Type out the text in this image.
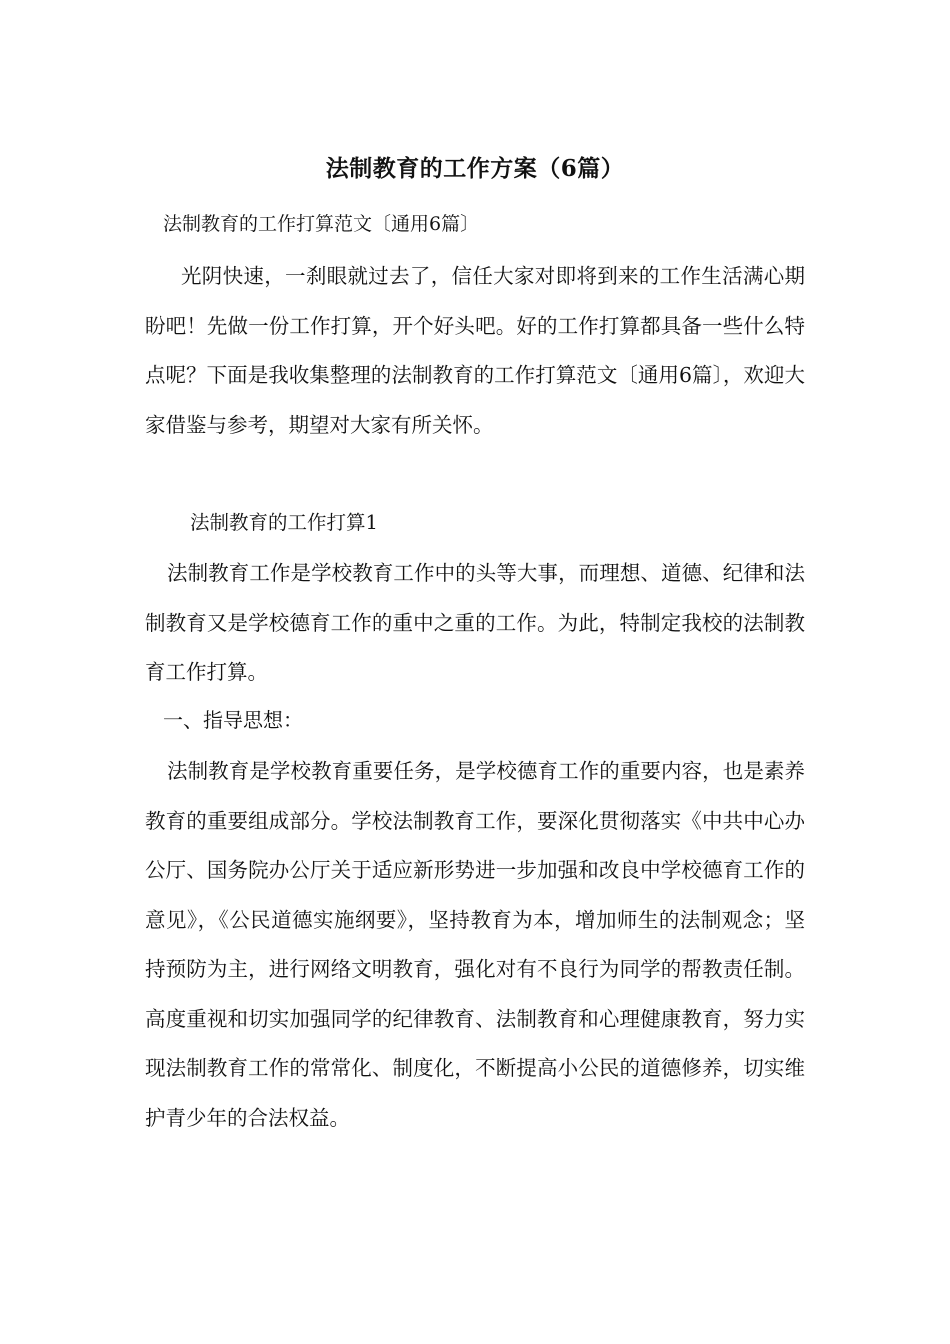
法制教育的工作方案（6篇）
法制教育的工作打算范文〔通用6篇〕
光阴快速，一刹眼就过去了，信任大家对即将到来的工作生活满心期盼吧！先做一份工作打算，开个好头吧。好的工作打算都具备一些什么特点呢？下面是我收集整理的法制教育的工作打算范文〔通用6篇〕，欢迎大家借鉴与参考，期望对大家有所关怀。
法制教育的工作打算1
法制教育工作是学校教育工作中的头等大事，而理想、道德、纪律和法制教育又是学校德育工作的重中之重的工作。为此，特制定我校的法制教育工作打算。
一、指导思想：
法制教育是学校教育重要任务，是学校德育工作的重要内容，也是素养教育的重要组成部分。学校法制教育工作，要深化贯彻落实《中共中心办公厅、国务院办公厅关于适应新形势进一步加强和改良中学校德育工作的意见》，《公民道德实施纲要》，坚持教育为本，增加师生的法制观念；坚持预防为主，进行网络文明教育，强化对有不良行为同学的帮教责任制。高度重视和切实加强同学的纪律教育、法制教育和心理健康教育，努力实现法制教育工作的常常化、制度化，不断提高小公民的道德修养，切实维护青少年的合法权益。
